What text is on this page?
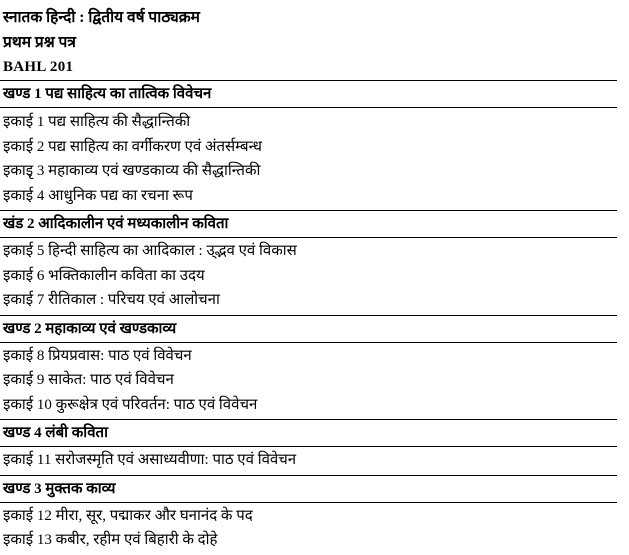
स्नातक हिन्दी : द्वितीय वर्ष पाठ्यक्रम
प्रथम प्रश्न पत्र
BAHL 201
खण्ड 1 पद्य साहित्य का तात्विक विवेचन
इकाई 1 पद्य साहित्य की सैद्धान्तिकी
इकाई 2 पद्य साहित्य का वर्गीकरण एवं अंतर्सम्बन्ध
इकाइृ 3 महाकाव्य एवं खण्डकाव्य की सैद्धान्तिकी
इकाई 4 आधुनिक पद्य का रचना रूप
खंड 2 आदिकालीन एवं मध्यकालीन कविता
इकाई 5 हिन्दी साहित्य का आदिकाल : उ्द्भव एवं विकास
इकाई 6 भक्तिकालीन कविता का उदय
इकाई 7 रीतिकाल : परिचय एवं आलोचना
खण्ड 2 महाकाव्य एवं खण्डकाव्य
इकाई 8 प्रियप्रवास: पाठ एवं विवेचन
इकाई 9 साकेत: पाठ एवं विवेचन
इकाई 10 कुरूक्षेत्र एवं परिवर्तन: पाठ एवं विवेचन
खण्ड 4 लंबी कविता
इकाई 11 सरोजस्मृति एवं असाध्यवीणा: पाठ एवं विवेचन
खण्ड 3 मुक्तक काव्य
इकाई 12 मीरा, सूर, पद्माकर और घनानंद के पद
इकाई 13 कबीर, रहीम एवं बिहारी के दोहे
